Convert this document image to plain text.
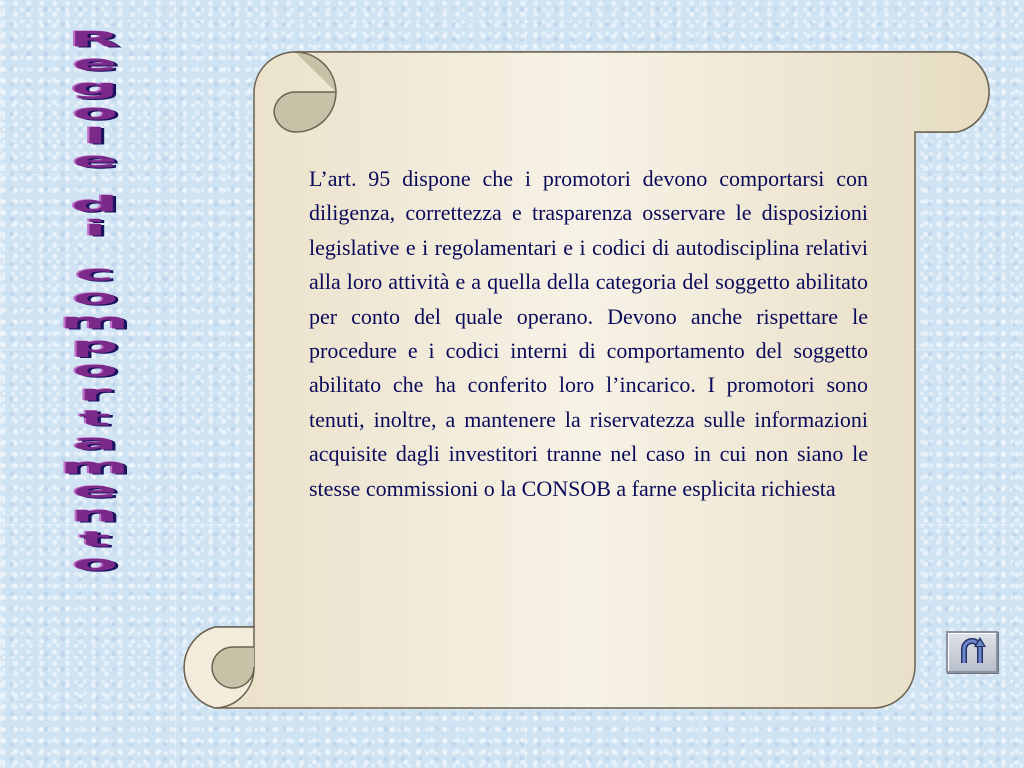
R
e
g
o
l
e
d
i
c
o
m
p
o
r
t
a
m
e
n
t
o

L’art. 95 dispone che i promotori devono comportarsi con diligenza, correttezza e trasparenza osservare le disposizioni legislative e i regolamentari e i codici di autodisciplina relativi alla loro attività e a quella della categoria del soggetto abilitato per conto del quale operano. Devono anche rispettare le procedure e i codici interni di comportamento del soggetto abilitato che ha conferito loro l’incarico. I promotori sono tenuti, inoltre, a mantenere la riservatezza sulle informazioni acquisite dagli investitori tranne nel caso in cui non siano le stesse commissioni o la CONSOB a farne esplicita richiesta
